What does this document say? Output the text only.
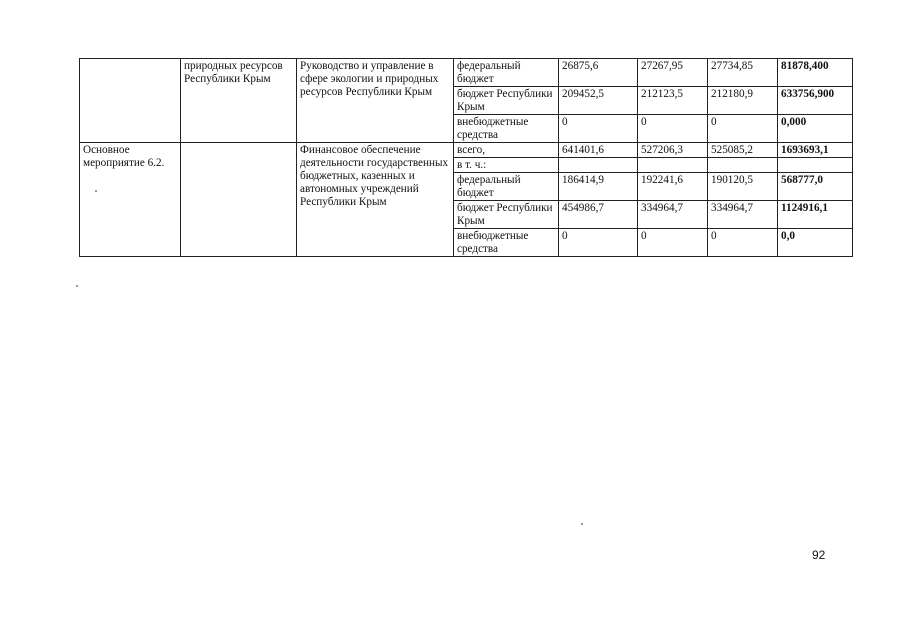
	природных ресурсов Республики Крым	Руководство и управление в сфере экологии и природных ресурсов Республики Крым	федеральный бюджет	26875,6	27267,95	27734,85	81878,400
			бюджет Республики Крым	209452,5	212123,5	212180,9	633756,900
			внебюджетные средства	0	0	0	0,000
Основное мероприятие 6.2.		Финансовое обеспечение деятельности государственных бюджетных, казенных и автономных учреждений Республики Крым	всего,	641401,6	527206,3	525085,2	1693693,1
			в т. ч.:				
			федеральный бюджет	186414,9	192241,6	190120,5	568777,0
			бюджет Республики Крым	454986,7	334964,7	334964,7	1124916,1
			внебюджетные средства	0	0	0	0,0
92
